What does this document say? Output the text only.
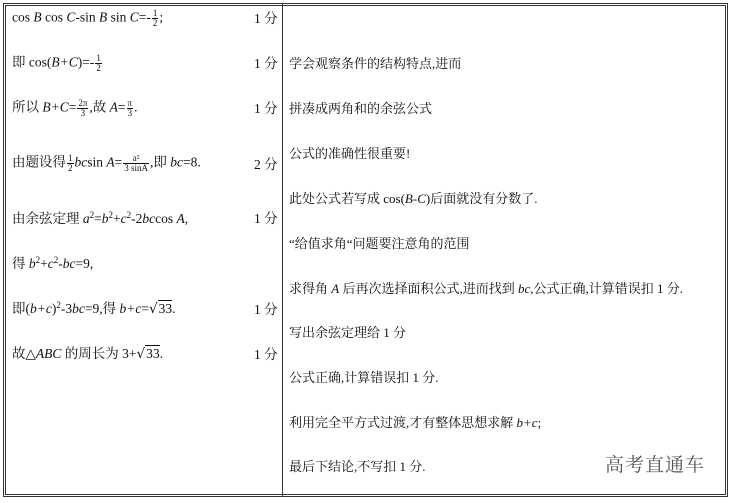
cos B cos C-sin B $\sin C=- \frac{1}{2}$ ;	1 分
即 $\cos(B+C)=- \frac{1}{2}$	1 分
所以 $B+C= \frac{2\pi}{3}$ ,故 $A= \frac{\pi}{3}$ .	1 分
由题设得 $\frac{1}{2}$ bcsin $A= \frac{\text{a²}}{3 \sin A}$ ,即 bc=8.	2 分
由余弦定理 $a^2=b^2+c^2-2bccos$ A,	1 分
得 $b^2+c^2-bc=9$,
即$(b+c)^2-3bc=9$,得 b+c=√33.	1 分
故△ABC 的周长为 3+√33.	1 分
学会观察条件的结构特点,进而
拼凑成两角和的余弦公式
公式的准确性很重要!
此处公式若写成 cos(B-C)后面就没有分数了.
“给值求角“问题要注意角的范围
求得角 A 后再次选择面积公式,进而找到 bc,公式正确,计算错误扣 1 分.
写出余弦定理给 1 分
公式正确,计算错误扣 1 分.
利用完全平方式过渡,才有整体思想求解 b+c;
最后下结论,不写扣 1 分.	高考直通车
